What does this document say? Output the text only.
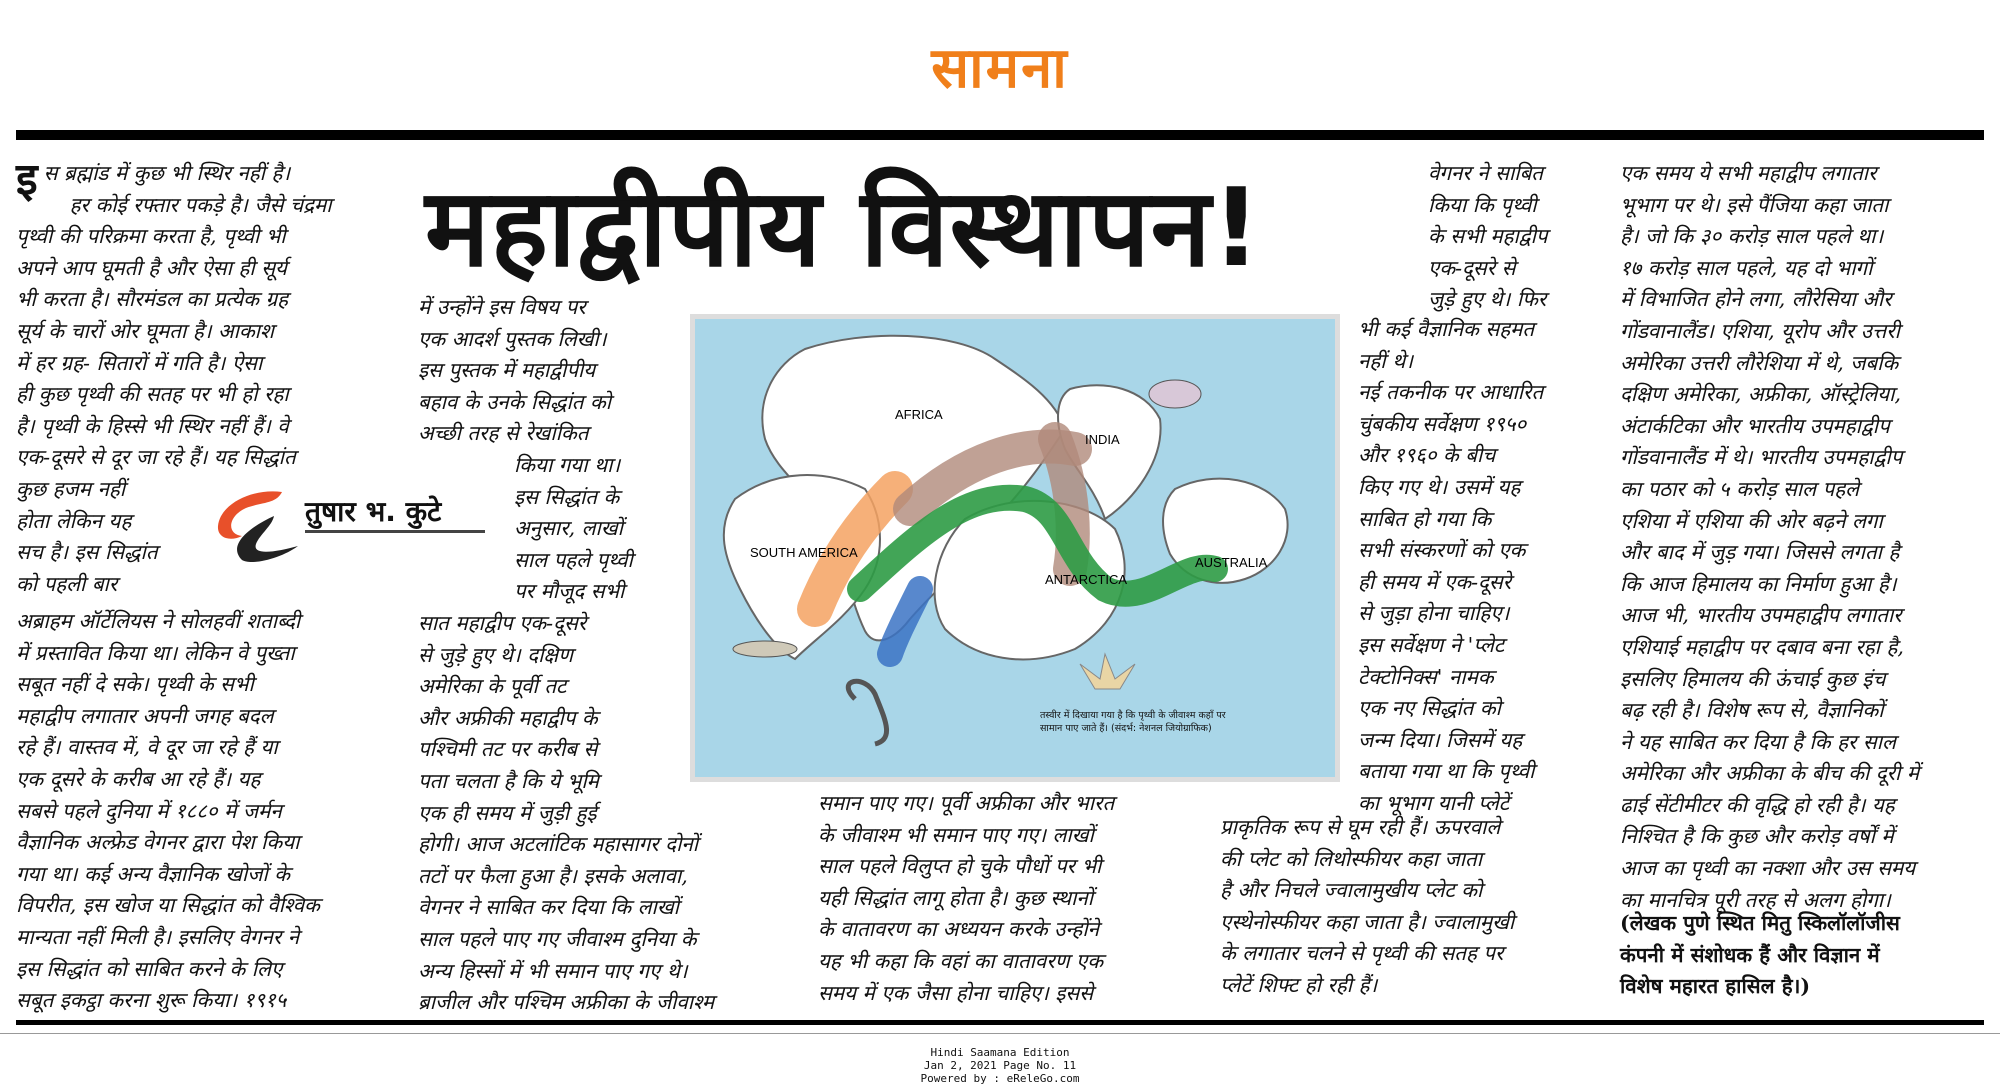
सामना
इस ब्रह्मांड में कुछ भी स्थिर नहीं है।
हर कोई रफ्तार पकड़े है। जैसे चंद्रमा
पृथ्वी की परिक्रमा करता है, पृथ्वी भी
अपने आप घूमती है और ऐसा ही सूर्य
भी करता है। सौरमंडल का प्रत्येक ग्रह
सूर्य के चारों ओर घूमता है। आकाश
में हर ग्रह- सितारों में गति है। ऐसा
ही कुछ पृथ्वी की सतह पर भी हो रहा
है। पृथ्वी के हिस्से भी स्थिर नहीं हैं। वे
एक-दूसरे से दूर जा रहे हैं। यह सिद्धांत
कुछ हजम नहीं
होता लेकिन यह
सच है। इस सिद्धांत
को पहली बार
तुषार भ. कुटे
अब्राहम ऑर्टेलियस ने सोलहवीं शताब्दी
में प्रस्तावित किया था। लेकिन वे पुख्ता
सबूत नहीं दे सके। पृथ्वी के सभी
महाद्वीप लगातार अपनी जगह बदल
रहे हैं। वास्तव में, वे दूर जा रहे हैं या
एक दूसरे के करीब आ रहे हैं। यह
सबसे पहले दुनिया में १८८० में जर्मन
वैज्ञानिक अल्फ्रेड वेगनर द्वारा पेश किया
गया था। कई अन्य वैज्ञानिक खोजों के
विपरीत, इस खोज या सिद्धांत को वैश्विक
मान्यता नहीं मिली है। इसलिए वेगनर ने
इस सिद्धांत को साबित करने के लिए
सबूत इकट्ठा करना शुरू किया। १९१५
महाद्वीपीय विस्थापन!
में उन्होंने इस विषय पर
एक आदर्श पुस्तक लिखी।
इस पुस्तक में महाद्वीपीय
बहाव के उनके सिद्धांत को
अच्छी तरह से रेखांकित
किया गया था।
इस सिद्धांत के
अनुसार, लाखों
साल पहले पृथ्वी
पर मौजूद सभी
सात महाद्वीप एक-दूसरे
से जुड़े हुए थे। दक्षिण
अमेरिका के पूर्वी तट
और अफ्रीकी महाद्वीप के
पश्चिमी तट पर करीब से
पता चलता है कि ये भूमि
एक ही समय में जुड़ी हुई
होगी। आज अटलांटिक महासागर दोनों
तटों पर फैला हुआ है। इसके अलावा,
वेगनर ने साबित कर दिया कि लाखों
साल पहले पाए गए जीवाश्म दुनिया के
अन्य हिस्सों में भी समान पाए गए थे।
ब्राजील और पश्चिम अफ्रीका के जीवाश्म
AFRICA
INDIA
SOUTH AMERICA
ANTARCTICA
AUSTRALIA
तस्वीर में दिखाया गया है कि पृथ्वी के जीवाश्म कहाँ पर
सामान पाए जाते हैं। (संदर्भ: नेशनल जियोग्राफिक)
समान पाए गए। पूर्वी अफ्रीका और भारत
के जीवाश्म भी समान पाए गए। लाखों
साल पहले विलुप्त हो चुके पौधों पर भी
यही सिद्धांत लागू होता है। कुछ स्थानों
के वातावरण का अध्ययन करके उन्होंने
यह भी कहा कि वहां का वातावरण एक
समय में एक जैसा होना चाहिए। इससे
वेगनर ने साबित
किया कि पृथ्वी
के सभी महाद्वीप
एक-दूसरे से
जुड़े हुए थे। फिर
भी कई वैज्ञानिक सहमत
नहीं थे।
नई तकनीक पर आधारित
चुंबकीय सर्वेक्षण १९५०
और १९६० के बीच
किए गए थे। उसमें यह
साबित हो गया कि
सभी संस्करणों को एक
ही समय में एक-दूसरे
से जुड़ा होना चाहिए।
इस सर्वेक्षण ने 'प्लेट
टेक्टोनिक्स' नामक
एक नए सिद्धांत को
जन्म दिया। जिसमें यह
बताया गया था कि पृथ्वी
का भूभाग यानी प्लेटें
प्राकृतिक रूप से घूम रही हैं। ऊपरवाले
की प्लेट को लिथोस्फीयर कहा जाता
है और निचले ज्वालामुखीय प्लेट को
एस्थेनोस्फीयर कहा जाता है। ज्वालामुखी
के लगातार चलने से पृथ्वी की सतह पर
प्लेटें शिफ्ट हो रही हैं।
एक समय ये सभी महाद्वीप लगातार
भूभाग पर थे। इसे पैंजिया कहा जाता
है। जो कि ३० करोड़ साल पहले था।
१७ करोड़ साल पहले, यह दो भागों
में विभाजित होने लगा, लौरेसिया और
गोंडवानालैंड। एशिया, यूरोप और उत्तरी
अमेरिका उत्तरी लौरेशिया में थे, जबकि
दक्षिण अमेरिका, अफ्रीका, ऑस्ट्रेलिया,
अंटार्कटिका और भारतीय उपमहाद्वीप
गोंडवानालैंड में थे। भारतीय उपमहाद्वीप
का पठार को ५ करोड़ साल पहले
एशिया में एशिया की ओर बढ़ने लगा
और बाद में जुड़ गया। जिससे लगता है
कि आज हिमालय का निर्माण हुआ है।
आज भी, भारतीय उपमहाद्वीप लगातार
एशियाई महाद्वीप पर दबाव बना रहा है,
इसलिए हिमालय की ऊंचाई कुछ इंच
बढ़ रही है। विशेष रूप से, वैज्ञानिकों
ने यह साबित कर दिया है कि हर साल
अमेरिका और अफ्रीका के बीच की दूरी में
ढाई सेंटीमीटर की वृद्धि हो रही है। यह
निश्चित है कि कुछ और करोड़ वर्षों में
आज का पृथ्वी का नक्शा और उस समय
का मानचित्र पूरी तरह से अलग होगा।
(लेखक पुणे स्थित मितु स्किलॉलॉजीस
कंपनी में संशोधक हैं और विज्ञान में
विशेष महारत हासिल है।)
Hindi Saamana Edition
Jan 2, 2021 Page No. 11
Powered by : eReleGo.com
